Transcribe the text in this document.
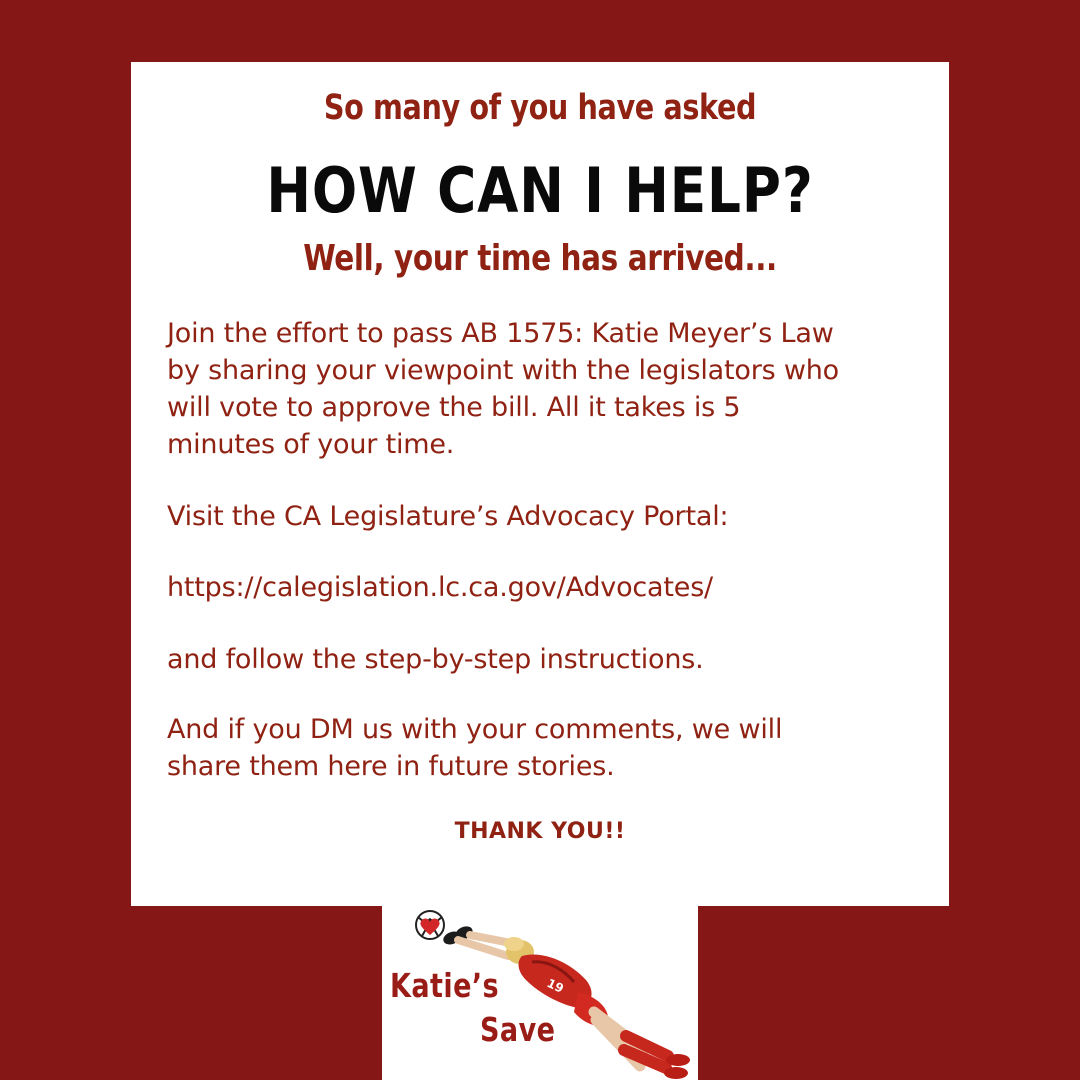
So many of you have asked
HOW CAN I HELP?
Well, your time has arrived...

Join the effort to pass AB 1575: Katie Meyer’s Law
by sharing your viewpoint with the legislators who
will vote to approve the bill. All it takes is 5
minutes of your time.

Visit the CA Legislature’s Advocacy Portal:

https://calegislation.lc.ca.gov/Advocates/

and follow the step-by-step instructions.

And if you DM us with your comments, we will
share them here in future stories.

THANK YOU!!
19
Katie’s
Save
